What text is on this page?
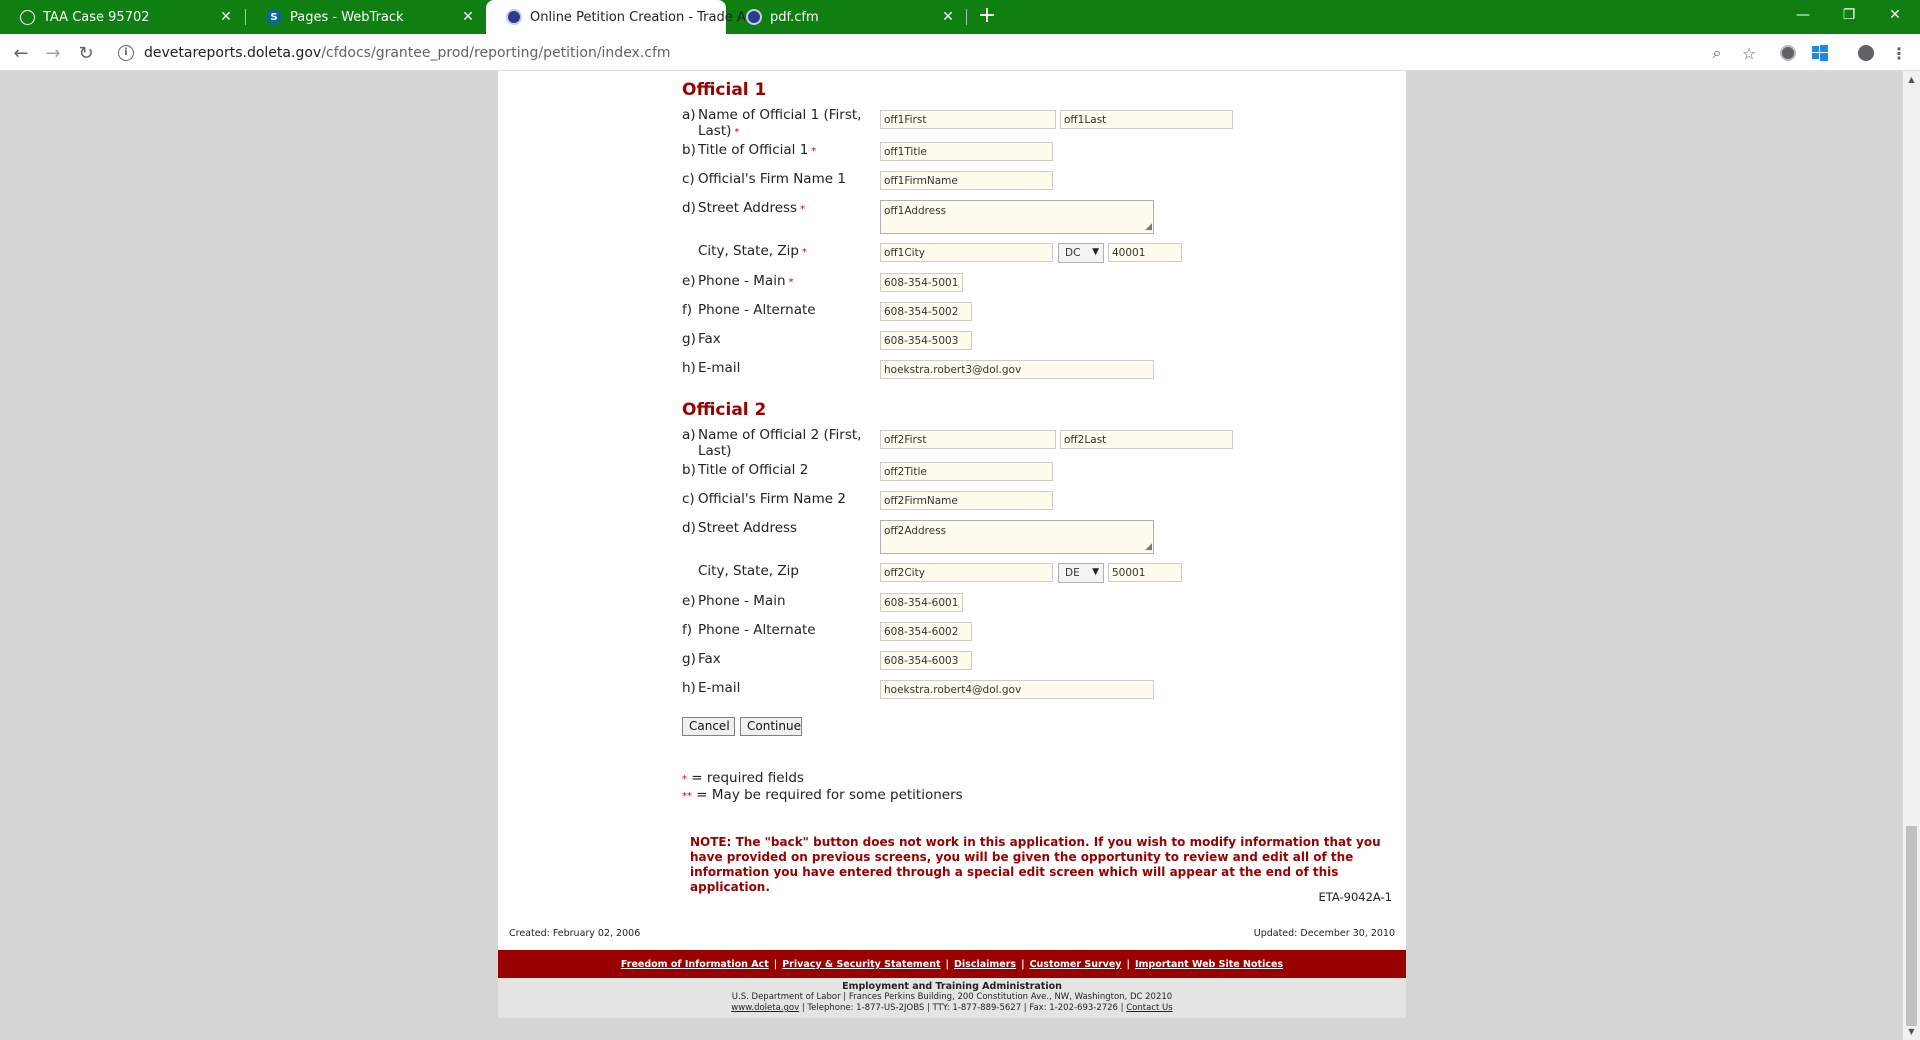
TAA Case 95702	✕	S Pages - WebTrack	✕	Online Petition Creation - Trade A pdf.cfm	✕ +	—	❐	✕
← → ↻	i	devetareports.doleta.gov/cfdocs/grantee_prod/reporting/petition/index.cfm	⌕	☆	⋮
▲
▼
Official 1
a) Name of Official 1 (First,
Last) *
off1First	off1Last
b) Title of Official 1 *	off1Title
c) Official's Firm Name 1	off1FirmName
d) Street Address *	off1Address
◢
City, State, Zip *	off1City	DC ▼	40001
e) Phone - Main *	608-354-5001
f) Phone - Alternate	608-354-5002
g) Fax	608-354-5003
h) E-mail	hoekstra.robert3@dol.gov
Official 2
a) Name of Official 2 (First,
Last)
off2First	off2Last
b) Title of Official 2	off2Title
c) Official's Firm Name 2	off2FirmName
d) Street Address	off2Address
◢
City, State, Zip	off2City	DE ▼	50001
e) Phone - Main	608-354-6001
f) Phone - Alternate	608-354-6002
g) Fax	608-354-6003
h) E-mail	hoekstra.robert4@dol.gov
Cancel	Continue
* = required fields
** = May be required for some petitioners
NOTE: The "back" button does not work in this application. If you wish to modify information that you have provided on previous screens, you will be given the opportunity to review and edit all of the information you have entered through a special edit screen which will appear at the end of this application.
ETA-9042A-1
Created: February 02, 2006	Updated: December 30, 2010
Freedom of Information Act | Privacy & Security Statement | Disclaimers | Customer Survey | Important Web Site Notices
Employment and Training Administration
U.S. Department of Labor | Frances Perkins Building, 200 Constitution Ave., NW, Washington, DC 20210
www.doleta.gov | Telephone: 1-877-US-2JOBS | TTY: 1-877-889-5627 | Fax: 1-202-693-2726 | Contact Us
